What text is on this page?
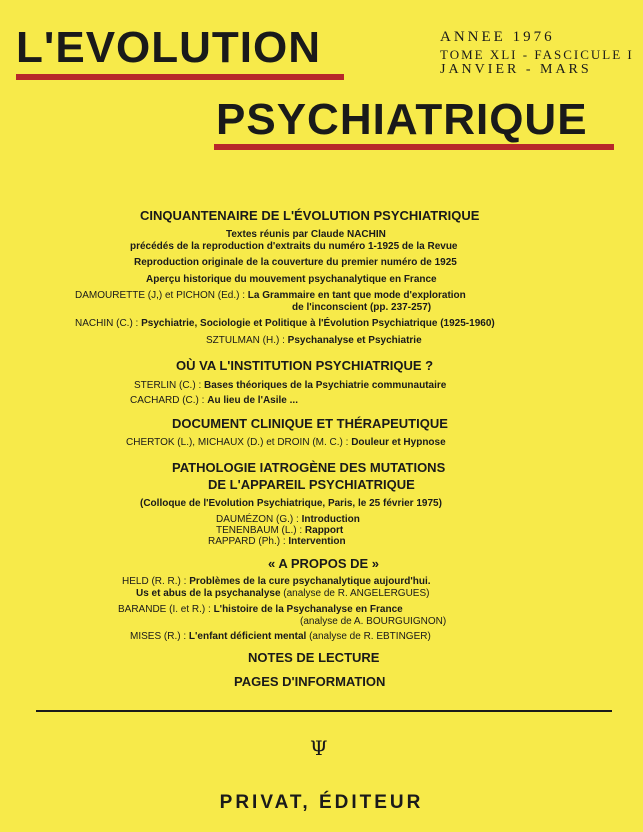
L'EVOLUTION
PSYCHIATRIQUE
ANNEE 1976
TOME XLI - FASCICULE I
JANVIER - MARS
CINQUANTENAIRE DE L'ÉVOLUTION PSYCHIATRIQUE
Textes réunis par Claude NACHIN
précédés de la reproduction d'extraits du numéro 1-1925 de la Revue
Reproduction originale de la couverture du premier numéro de 1925
Aperçu historique du mouvement psychanalytique en France
DAMOURETTE (J,) et PICHON (Ed.) : La Grammaire en tant que mode d'exploration
de l'inconscient (pp. 237-257)
NACHIN (C.) : Psychiatrie, Sociologie et Politique à l'Évolution Psychiatrique (1925-1960)
SZTULMAN (H.) : Psychanalyse et Psychiatrie
OÙ VA L'INSTITUTION PSYCHIATRIQUE ?
STERLIN (C.) : Bases théoriques de la Psychiatrie communautaire
CACHARD (C.) : Au lieu de l'Asile ...
DOCUMENT CLINIQUE ET THÉRAPEUTIQUE
CHERTOK (L.), MICHAUX (D.) et DROIN (M. C.) : Douleur et Hypnose
PATHOLOGIE IATROGÈNE DES MUTATIONS
DE L'APPAREIL PSYCHIATRIQUE
(Colloque de l'Evolution Psychiatrique, Paris, le 25 février 1975)
DAUMÉZON (G.) : Introduction
TENENBAUM (L.) : Rapport
RAPPARD (Ph.) : Intervention
« A PROPOS DE »
HELD (R. R.) : Problèmes de la cure psychanalytique aujourd'hui.
Us et abus de la psychanalyse (analyse de R. ANGELERGUES)
BARANDE (I. et R.) : L'histoire de la Psychanalyse en France
(analyse de A. BOURGUIGNON)
MISES (R.) : L'enfant déficient mental (analyse de R. EBTINGER)
NOTES DE LECTURE
PAGES D'INFORMATION
Ψ
PRIVAT, ÉDITEUR
